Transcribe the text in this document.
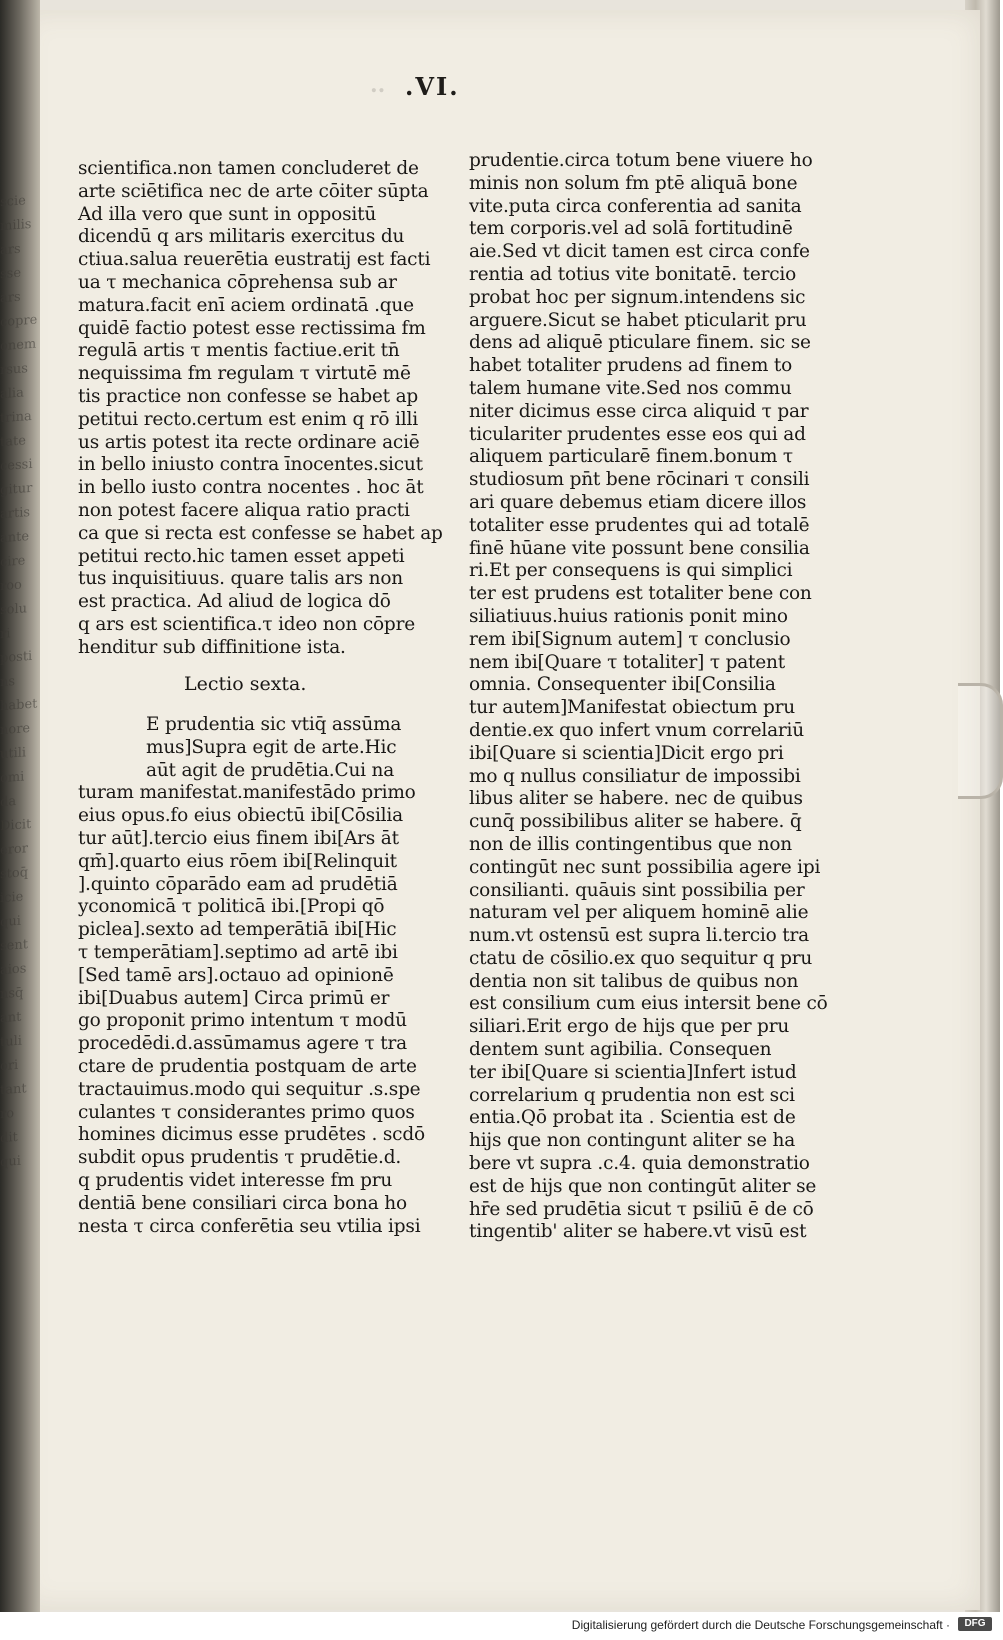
scie
milis
ars
sse
ars
copre
onem
rsus
alia
trina
tate
cessi
gitur
artis
ante
cire
roo
solu
ri
posti
ns
habet
nore
utili
omi
da
Dicit
eror
stoq̄
icie
qui
sent
aios
nsq̄
ant
tuli
ori
tant
ro
dit
qui
.. .VI.
scientifica.non tamen concluderet de
arte sciētifica nec de arte cōiter sūpta
Ad illa vero que sunt in oppositū
dicendū q ars militaris exercitus du
ctiua.salua reuerētia eustratij est facti
ua τ mechanica cōprehensa sub ar
matura.facit enī aciem ordinatā .que
quidē factio potest esse rectissima fm
regulā artis τ mentis factiue.erit tn̄
nequissima fm regulam τ virtutē mē
tis practice non confesse se habet ap
petitui recto.certum est enim q rō illi
us artis potest ita recte ordinare aciē
in bello iniusto contra īnocentes.sicut
in bello iusto contra nocentes . hoc āt
non potest facere aliqua ratio practi
ca que si recta est confesse se habet ap
petitui recto.hic tamen esset appeti
tus inquisitiuus. quare talis ars non
est practica. Ad aliud de logica dō
q ars est scientifica.τ ideo non cōpre
henditur sub diffinitione ista.
Lectio sexta.
E prudentia sic vtiq̄ assūma
mus]Supra egit de arte.Hic
aūt agit de prudētia.Cui na
turam manifestat.manifestādo primo
eius opus.fo eius obiectū ibi[Cōsilia
tur aūt].tercio eius finem ibi[Ars āt
qm̄].quarto eius rōem ibi[Relinquit
].quinto cōparādo eam ad prudētiā
yconomicā τ politicā ibi.[Propi qō
piclea].sexto ad temperātiā ibi[Hic
τ temperātiam].septimo ad artē ibi
[Sed tamē ars].octauo ad opinionē
ibi[Duabus autem] Circa primū er
go proponit primo intentum τ modū
procedēdi.d.assūmamus agere τ tra
ctare de prudentia postquam de arte
tractauimus.modo qui sequitur .s.spe
culantes τ considerantes primo quos
homines dicimus esse prudētes . scdō
subdit opus prudentis τ prudētie.d.
q prudentis videt interesse fm pru
dentiā bene consiliari circa bona ho
nesta τ circa conferētia seu vtilia ipsi
prudentie.circa totum bene viuere ho
minis non solum fm ptē aliquā bone
vite.puta circa conferentia ad sanita
tem corporis.vel ad solā fortitudinē
aie.Sed vt dicit tamen est circa confe
rentia ad totius vite bonitatē. tercio
probat hoc per signum.intendens sic
arguere.Sicut se habet pticularit pru
dens ad aliquē pticulare finem. sic se
habet totaliter prudens ad finem to
talem humane vite.Sed nos commu
niter dicimus esse circa aliquid τ par
ticulariter prudentes esse eos qui ad
aliquem particularē finem.bonum τ
studiosum pn̄t bene rōcinari τ consili
ari quare debemus etiam dicere illos
totaliter esse prudentes qui ad totalē
finē hūane vite possunt bene consilia
ri.Et per consequens is qui simplici
ter est prudens est totaliter bene con
siliatiuus.huius rationis ponit mino
rem ibi[Signum autem] τ conclusio
nem ibi[Quare τ totaliter] τ patent
omnia. Consequenter ibi[Consilia
tur autem]Manifestat obiectum pru
dentie.ex quo infert vnum correlariū
ibi[Quare si scientia]Dicit ergo pri
mo q nullus consiliatur de impossibi
libus aliter se habere. nec de quibus
cunq̄ possibilibus aliter se habere. q̄
non de illis contingentibus que non
contingūt nec sunt possibilia agere ipi
consilianti. quāuis sint possibilia per
naturam vel per aliquem hominē alie
num.vt ostensū est supra li.tercio tra
ctatu de cōsilio.ex quo sequitur q pru
dentia non sit talibus de quibus non
est consilium cum eius intersit bene cō
siliari.Erit ergo de hijs que per pru
dentem sunt agibilia. Consequen
ter ibi[Quare si scientia]Infert istud
correlarium q prudentia non est sci
entia.Qō probat ita . Scientia est de
hijs que non contingunt aliter se ha
bere vt supra .c.4. quia demonstratio
est de hijs que non contingūt aliter se
hr̄e sed prudētia sicut τ psiliū ē de cō
tingentib' aliter se habere.vt visū est
Digitalisierung gefördert durch die Deutsche Forschungsgemeinschaft ·	DFG
